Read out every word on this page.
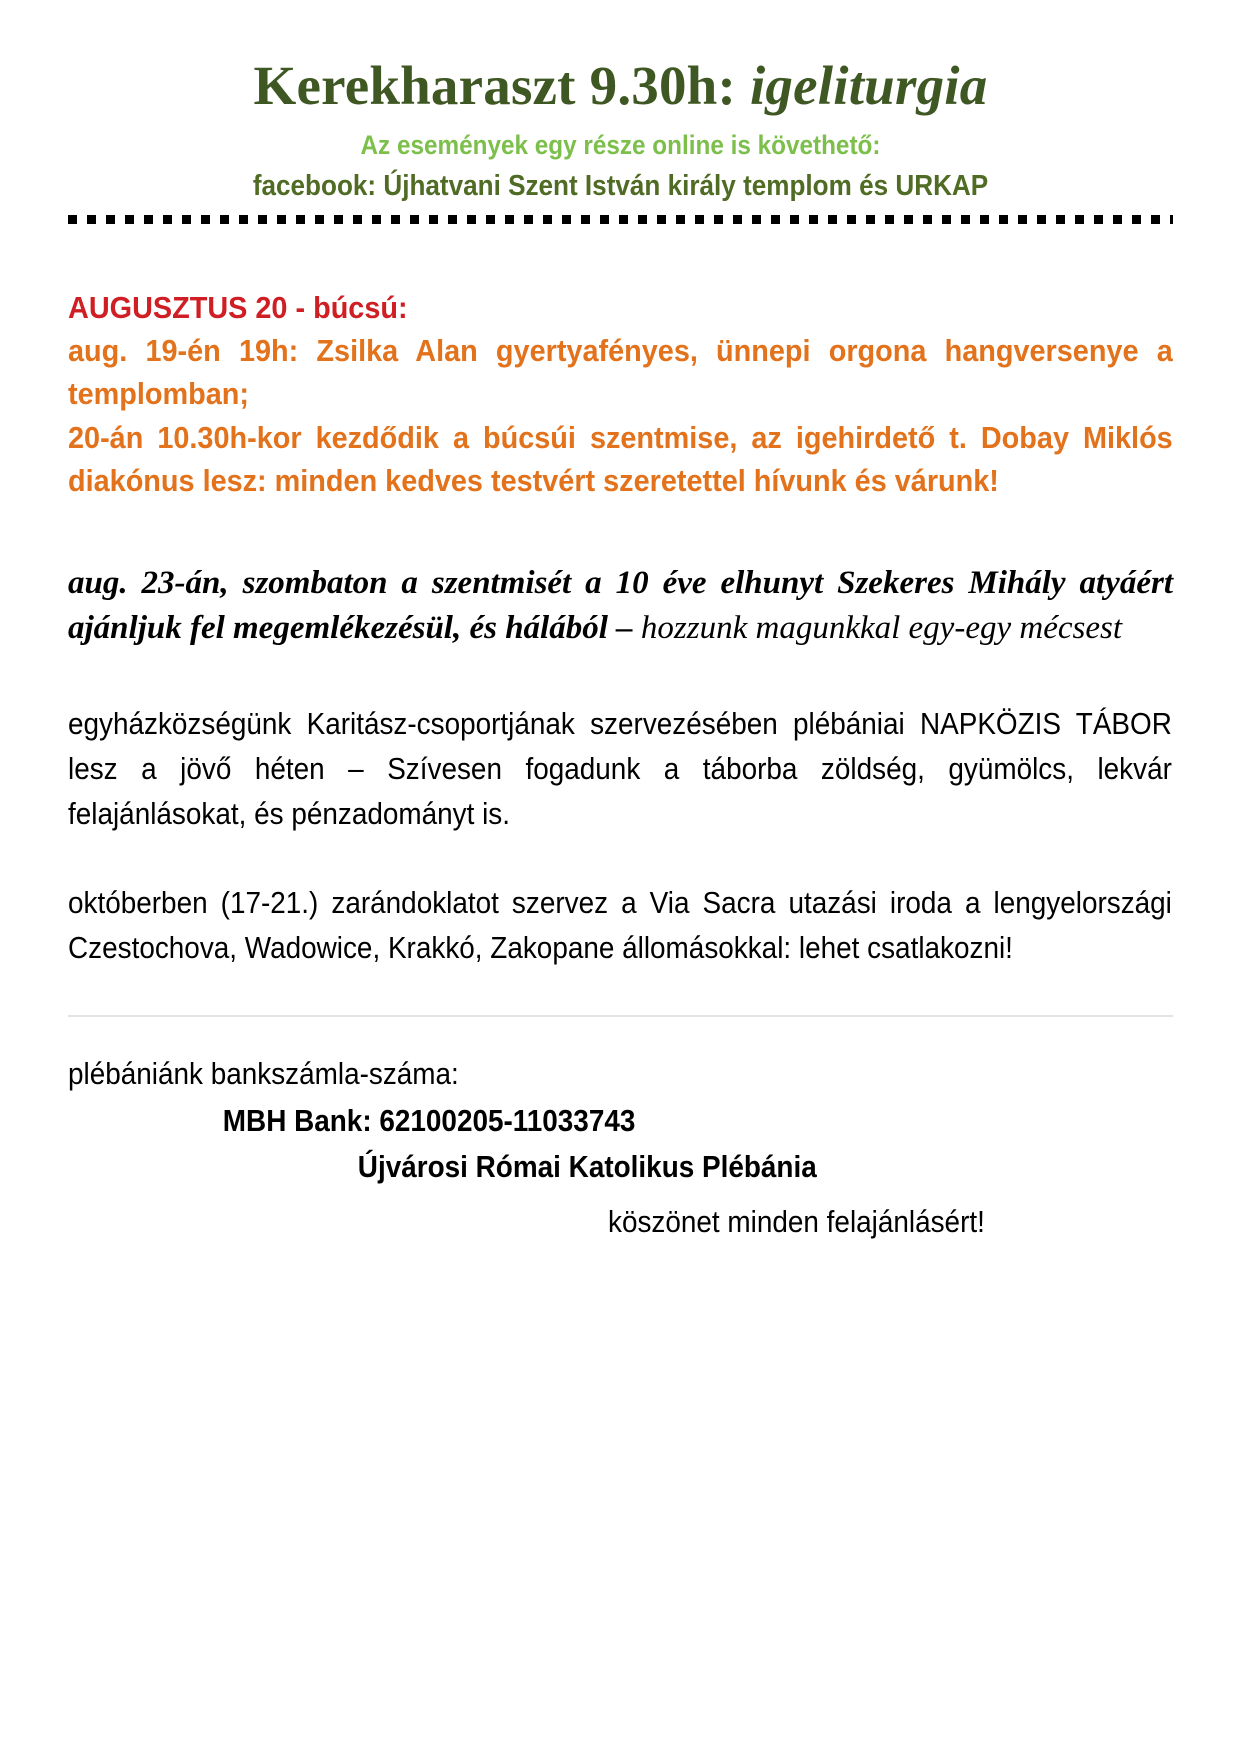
Kerekharaszt 9.30h: igeliturgia
Az események egy része online is követhető:
facebook: Újhatvani Szent István király templom és URKAP

AUGUSZTUS 20 - búcsú:

aug. 19-én 19h: Zsilka Alan gyertyafényes, ünnepi orgona hangversenye a templomban;

20-án 10.30h-kor kezdődik a búcsúi szentmise, az igehirdető t. Dobay Miklós diakónus lesz: minden kedves testvért szeretettel hívunk és várunk!

aug. 23-án, szombaton a szentmisét a 10 éve elhunyt Szekeres Mihály atyáért ajánljuk fel megemlékezésül, és hálából – hozzunk magunkkal egy-egy mécsest

egyházközségünk Karitász-csoportjának szervezésében plébániai NAPKÖZIS TÁBOR lesz a jövő héten – Szívesen fogadunk a táborba zöldség, gyümölcs, lekvár felajánlásokat, és pénzadományt is.

októberben (17-21.) zarándoklatot szervez a Via Sacra utazási iroda a lengyelországi Czestochova, Wadowice, Krakkó, Zakopane állomásokkal: lehet csatlakozni!

plébániánk bankszámla-száma:

MBH Bank: 62100205-11033743

Újvárosi Római Katolikus Plébánia

köszönet minden felajánlásért!
